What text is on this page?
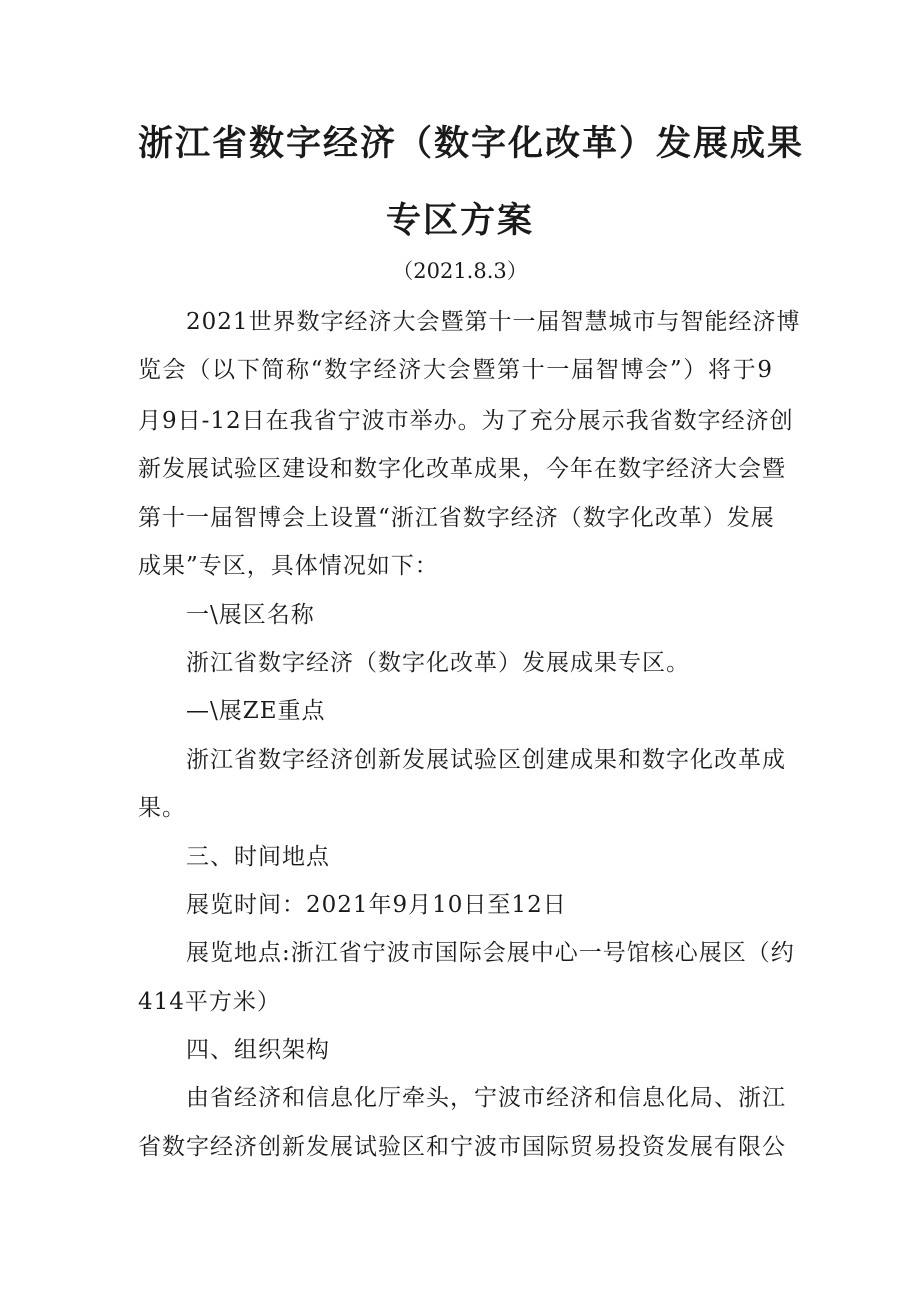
浙江省数字经济（数字化改革）发展成果
专区方案
（2021.8.3）
2021世界数字经济大会暨第十一届智慧城市与智能经济博
览会（以下简称“数字经济大会暨第十一届智博会”）将于9
月9日-12日在我省宁波市举办。为了充分展示我省数字经济创
新发展试验区建设和数字化改革成果，今年在数字经济大会暨
第十一届智博会上设置“浙江省数字经济（数字化改革）发展
成果”专区，具体情况如下：
一\展区名称
浙江省数字经济（数字化改革）发展成果专区。
—\展ZE重点
浙江省数字经济创新发展试验区创建成果和数字化改革成
果。
三、时间地点
展览时间：2021年9月10日至12日
展览地点:浙江省宁波市国际会展中心一号馆核心展区（约
414平方米）
四、组织架构
由省经济和信息化厅牵头，宁波市经济和信息化局、浙江
省数字经济创新发展试验区和宁波市国际贸易投资发展有限公
